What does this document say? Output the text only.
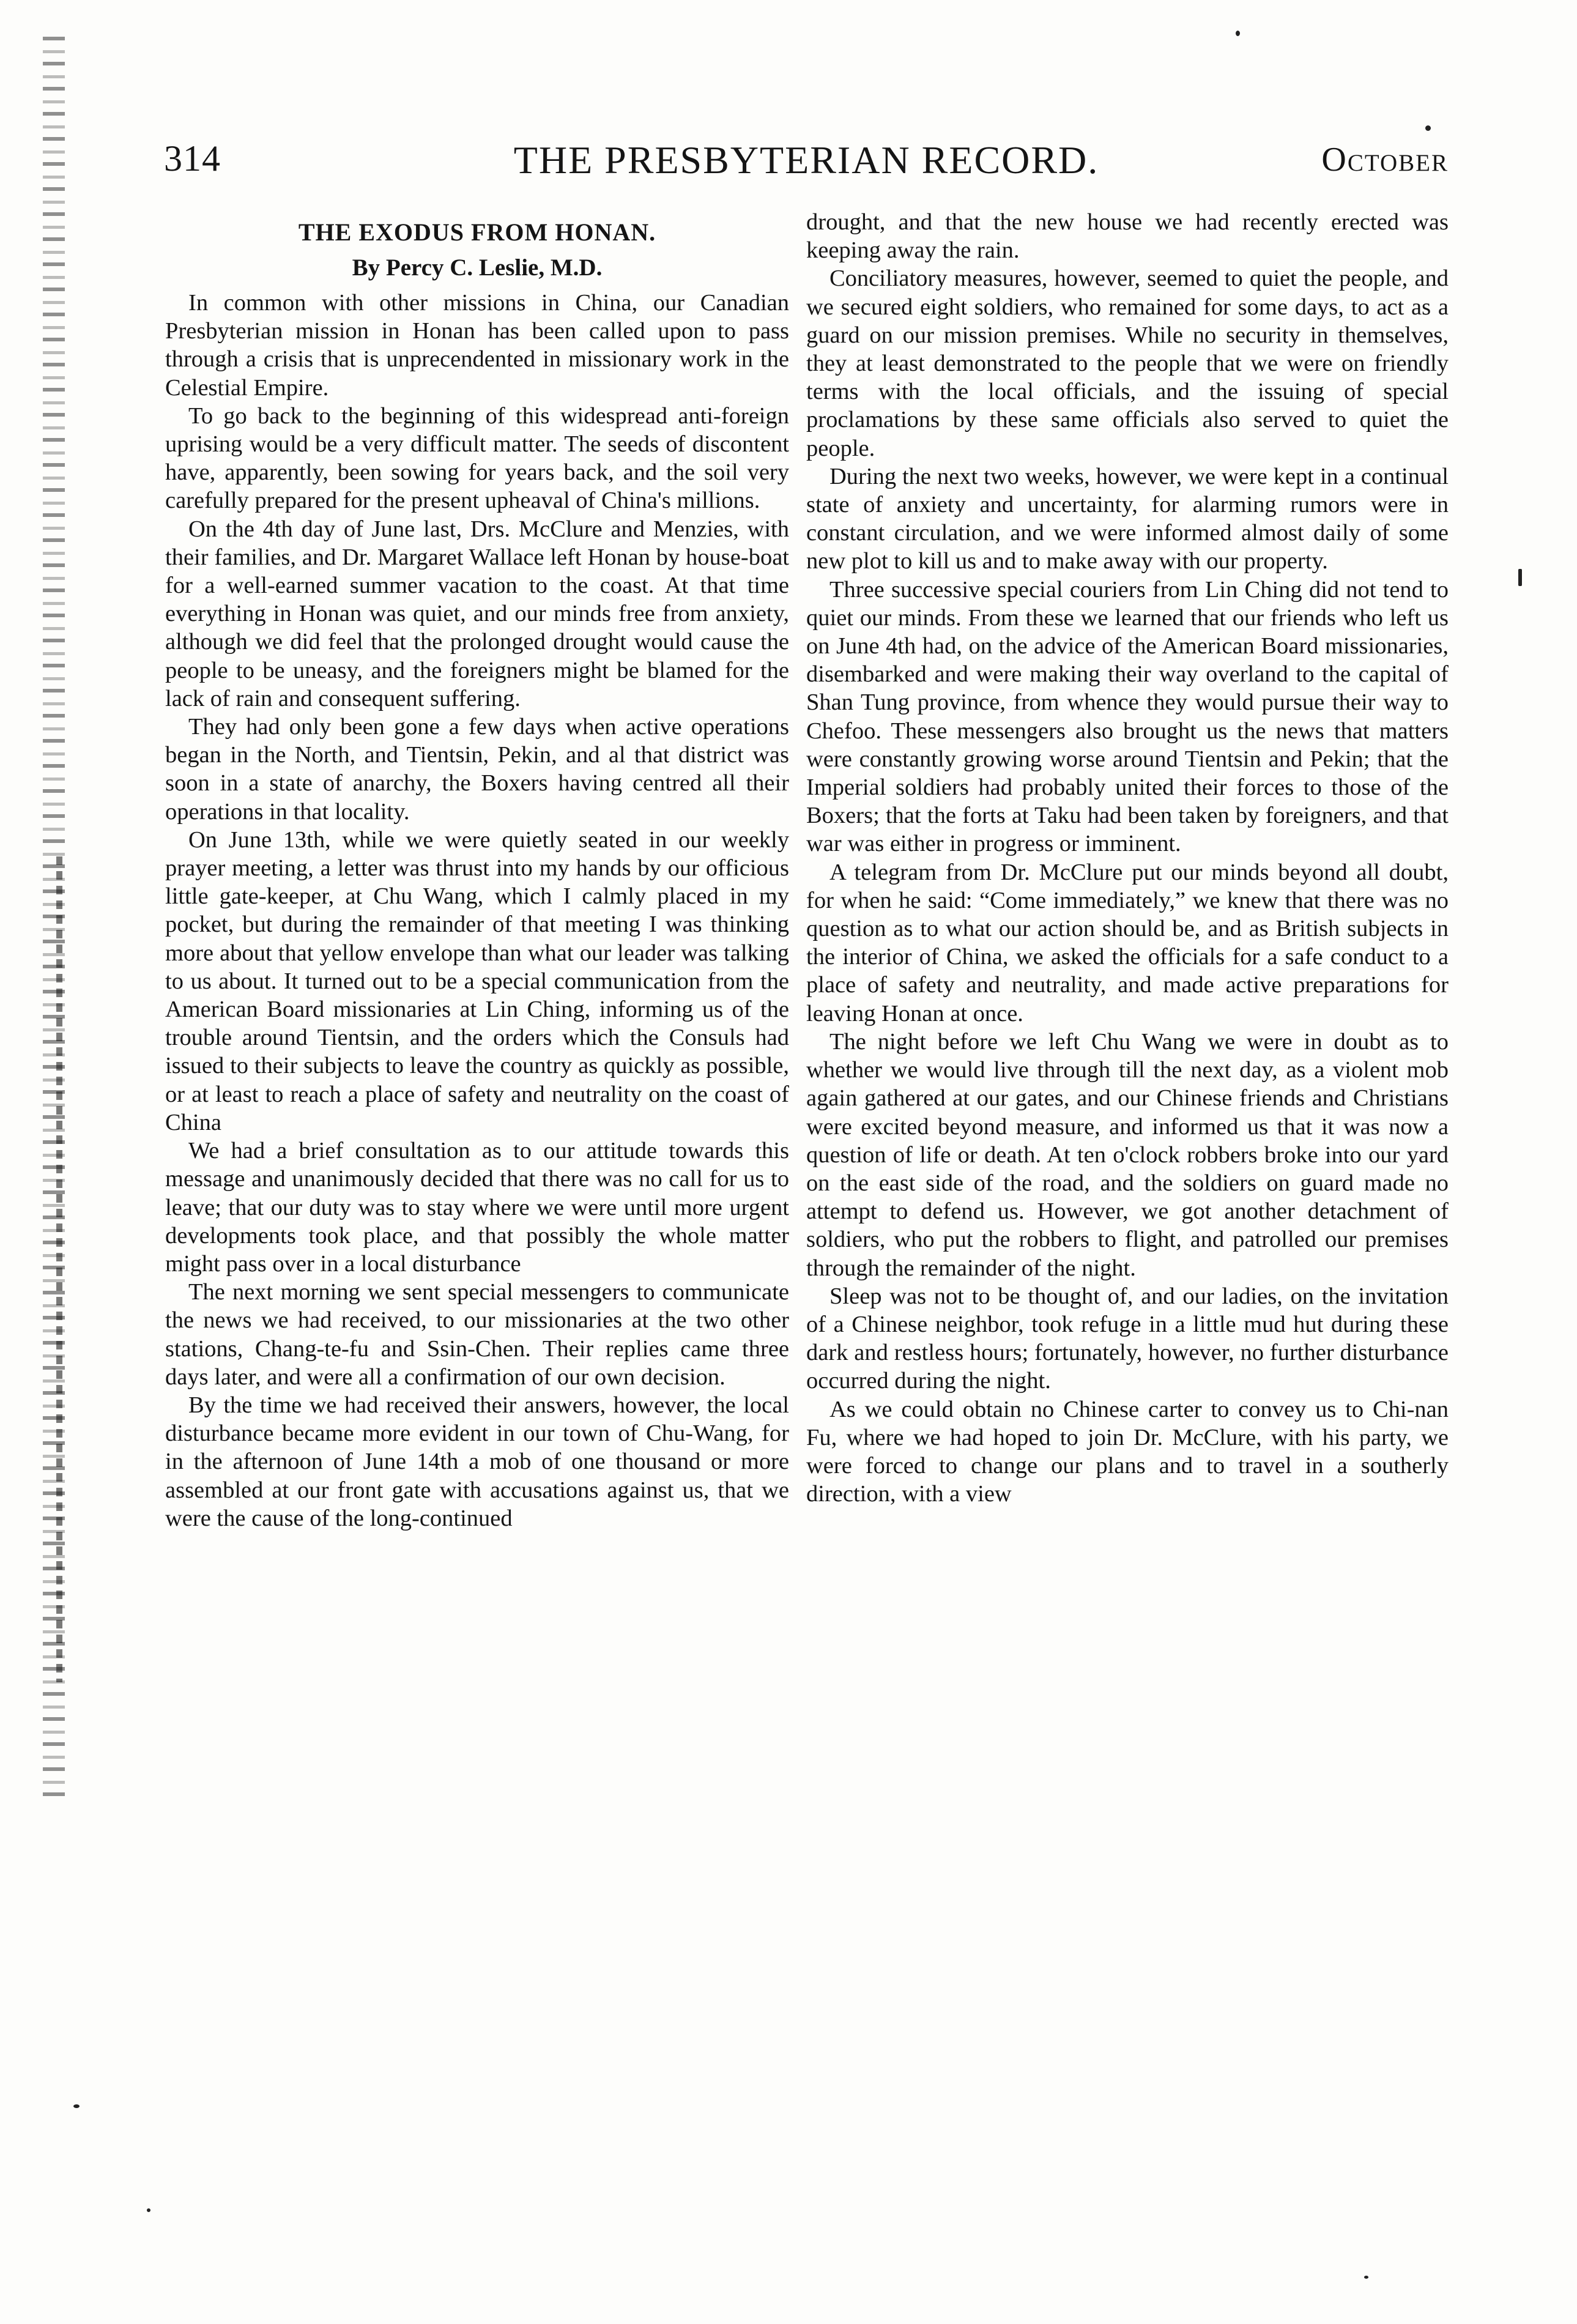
314	THE PRESBYTERIAN RECORD.	October
THE EXODUS FROM HONAN.
By Percy C. Leslie, M.D.

In common with other missions in China, our Canadian Presbyterian mission in Honan has been called upon to pass through a crisis that is unprecendented in missionary work in the Celestial Empire.

To go back to the beginning of this widespread anti-foreign uprising would be a very difficult matter. The seeds of discontent have, apparently, been sowing for years back, and the soil very carefully prepared for the present upheaval of China's millions.

On the 4th day of June last, Drs. McClure and Menzies, with their families, and Dr. Margaret Wallace left Honan by house-boat for a well-earned summer vacation to the coast. At that time everything in Honan was quiet, and our minds free from anxiety, although we did feel that the prolonged drought would cause the people to be uneasy, and the foreigners might be blamed for the lack of rain and consequent suffering.

They had only been gone a few days when active operations began in the North, and Tientsin, Pekin, and al that district was soon in a state of anarchy, the Boxers having centred all their operations in that locality.

On June 13th, while we were quietly seated in our weekly prayer meeting, a letter was thrust into my hands by our officious little gate-keeper, at Chu Wang, which I calmly placed in my pocket, but during the remainder of that meeting I was thinking more about that yellow envelope than what our leader was talking to us about. It turned out to be a special communication from the American Board missionaries at Lin Ching, informing us of the trouble around Tientsin, and the orders which the Consuls had issued to their subjects to leave the country as quickly as possible, or at least to reach a place of safety and neutrality on the coast of China

We had a brief consultation as to our attitude towards this message and unanimously decided that there was no call for us to leave; that our duty was to stay where we were until more urgent developments took place, and that possibly the whole matter might pass over in a local disturbance

The next morning we sent special messengers to communicate the news we had received, to our missionaries at the two other stations, Chang-te-fu and Ssin-Chen. Their replies came three days later, and were all a confirmation of our own decision.

By the time we had received their answers, however, the local disturbance became more evident in our town of Chu-Wang, for in the afternoon of June 14th a mob of one thousand or more assembled at our front gate with accusations against us, that we were the cause of the long-continued

drought, and that the new house we had recently erected was keeping away the rain.

Conciliatory measures, however, seemed to quiet the people, and we secured eight soldiers, who remained for some days, to act as a guard on our mission premises. While no security in themselves, they at least demonstrated to the people that we were on friendly terms with the local officials, and the issuing of special proclamations by these same officials also served to quiet the people.

During the next two weeks, however, we were kept in a continual state of anxiety and uncertainty, for alarming rumors were in constant circulation, and we were informed almost daily of some new plot to kill us and to make away with our property.

Three successive special couriers from Lin Ching did not tend to quiet our minds. From these we learned that our friends who left us on June 4th had, on the advice of the American Board missionaries, disembarked and were making their way overland to the capital of Shan Tung province, from whence they would pursue their way to Chefoo. These messengers also brought us the news that matters were constantly growing worse around Tientsin and Pekin; that the Imperial soldiers had probably united their forces to those of the Boxers; that the forts at Taku had been taken by foreigners, and that war was either in progress or imminent.

A telegram from Dr. McClure put our minds beyond all doubt, for when he said: “Come immediately,” we knew that there was no question as to what our action should be, and as British subjects in the interior of China, we asked the officials for a safe conduct to a place of safety and neutrality, and made active preparations for leaving Honan at once.

The night before we left Chu Wang we were in doubt as to whether we would live through till the next day, as a violent mob again gathered at our gates, and our Chinese friends and Christians were excited beyond measure, and informed us that it was now a question of life or death. At ten o'clock robbers broke into our yard on the east side of the road, and the soldiers on guard made no attempt to defend us. However, we got another detachment of soldiers, who put the robbers to flight, and patrolled our premises through the remainder of the night.

Sleep was not to be thought of, and our ladies, on the invitation of a Chinese neighbor, took refuge in a little mud hut during these dark and restless hours; fortunately, however, no further disturbance occurred during the night.

As we could obtain no Chinese carter to convey us to Chi-nan Fu, where we had hoped to join Dr. McClure, with his party, we were forced to change our plans and to travel in a southerly direction, with a view
